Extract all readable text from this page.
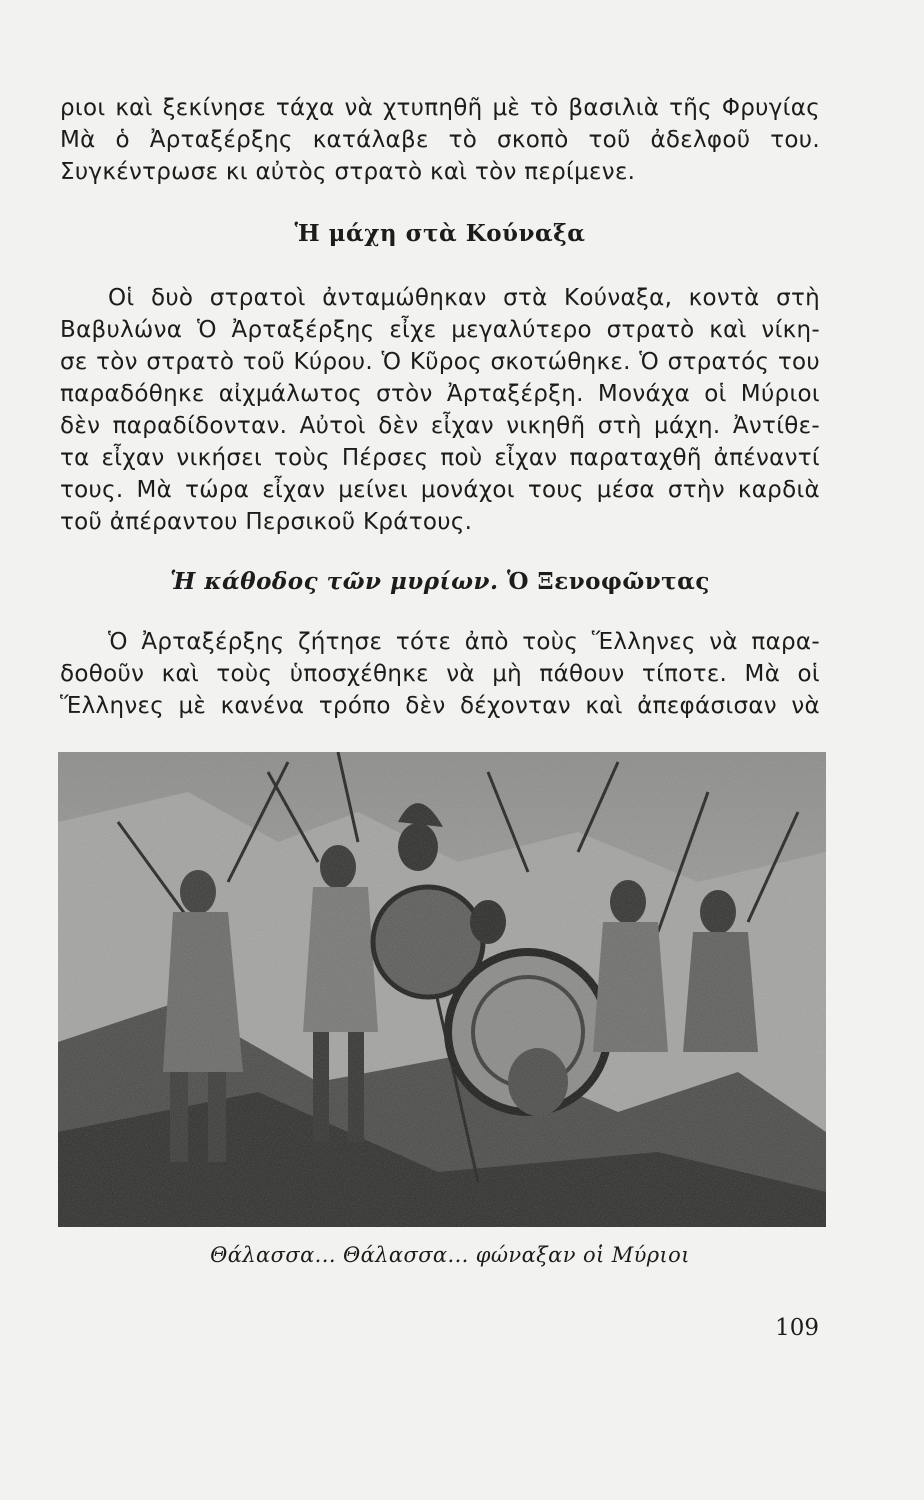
ριοι καὶ ξεκίνησε τάχα νὰ χτυπηθῆ μὲ τὸ βασιλιὰ τῆς Φρυγίας
Μὰ ὁ Ἀρταξέρξης κατάλαβε τὸ σκοπὸ τοῦ ἀδελφοῦ του.
Συγκέντρωσε κι αὐτὸς στρατὸ καὶ τὸν περίμενε.
Ἡ μάχη στὰ Κούναξα
Οἱ δυὸ στρατοὶ ἀνταμώθηκαν στὰ Κούναξα, κοντὰ στὴ
Βαβυλώνα Ὁ Ἀρταξέρξης εἶχε μεγαλύτερο στρατὸ καὶ νίκη-
σε τὸν στρατὸ τοῦ Κύρου. Ὁ Κῦρος σκοτώθηκε. Ὁ στρατός του
παραδόθηκε αἰχμάλωτος στὸν Ἀρταξέρξη. Μονάχα οἱ Μύριοι
δὲν παραδίδονταν. Αὐτοὶ δὲν εἶχαν νικηθῆ στὴ μάχη. Ἀντίθε-
τα εἶχαν νικήσει τοὺς Πέρσες ποὺ εἶχαν παραταχθῆ ἀπέναντί
τους. Μὰ τώρα εἶχαν μείνει μονάχοι τους μέσα στὴν καρδιὰ
τοῦ ἀπέραντου Περσικοῦ Κράτους.
Ἡ κάθοδος τῶν μυρίων. Ὁ Ξενοφῶντας
Ὁ Ἀρταξέρξης ζήτησε τότε ἀπὸ τοὺς Ἕλληνες νὰ παρα-
δοθοῦν καὶ τοὺς ὑποσχέθηκε νὰ μὴ πάθουν τίποτε. Μὰ οἱ
Ἕλληνες μὲ κανένα τρόπο δὲν δέχονταν καὶ ἀπεφάσισαν νὰ
Θάλασσα... Θάλασσα... φώναξαν οἱ Μύριοι
109
